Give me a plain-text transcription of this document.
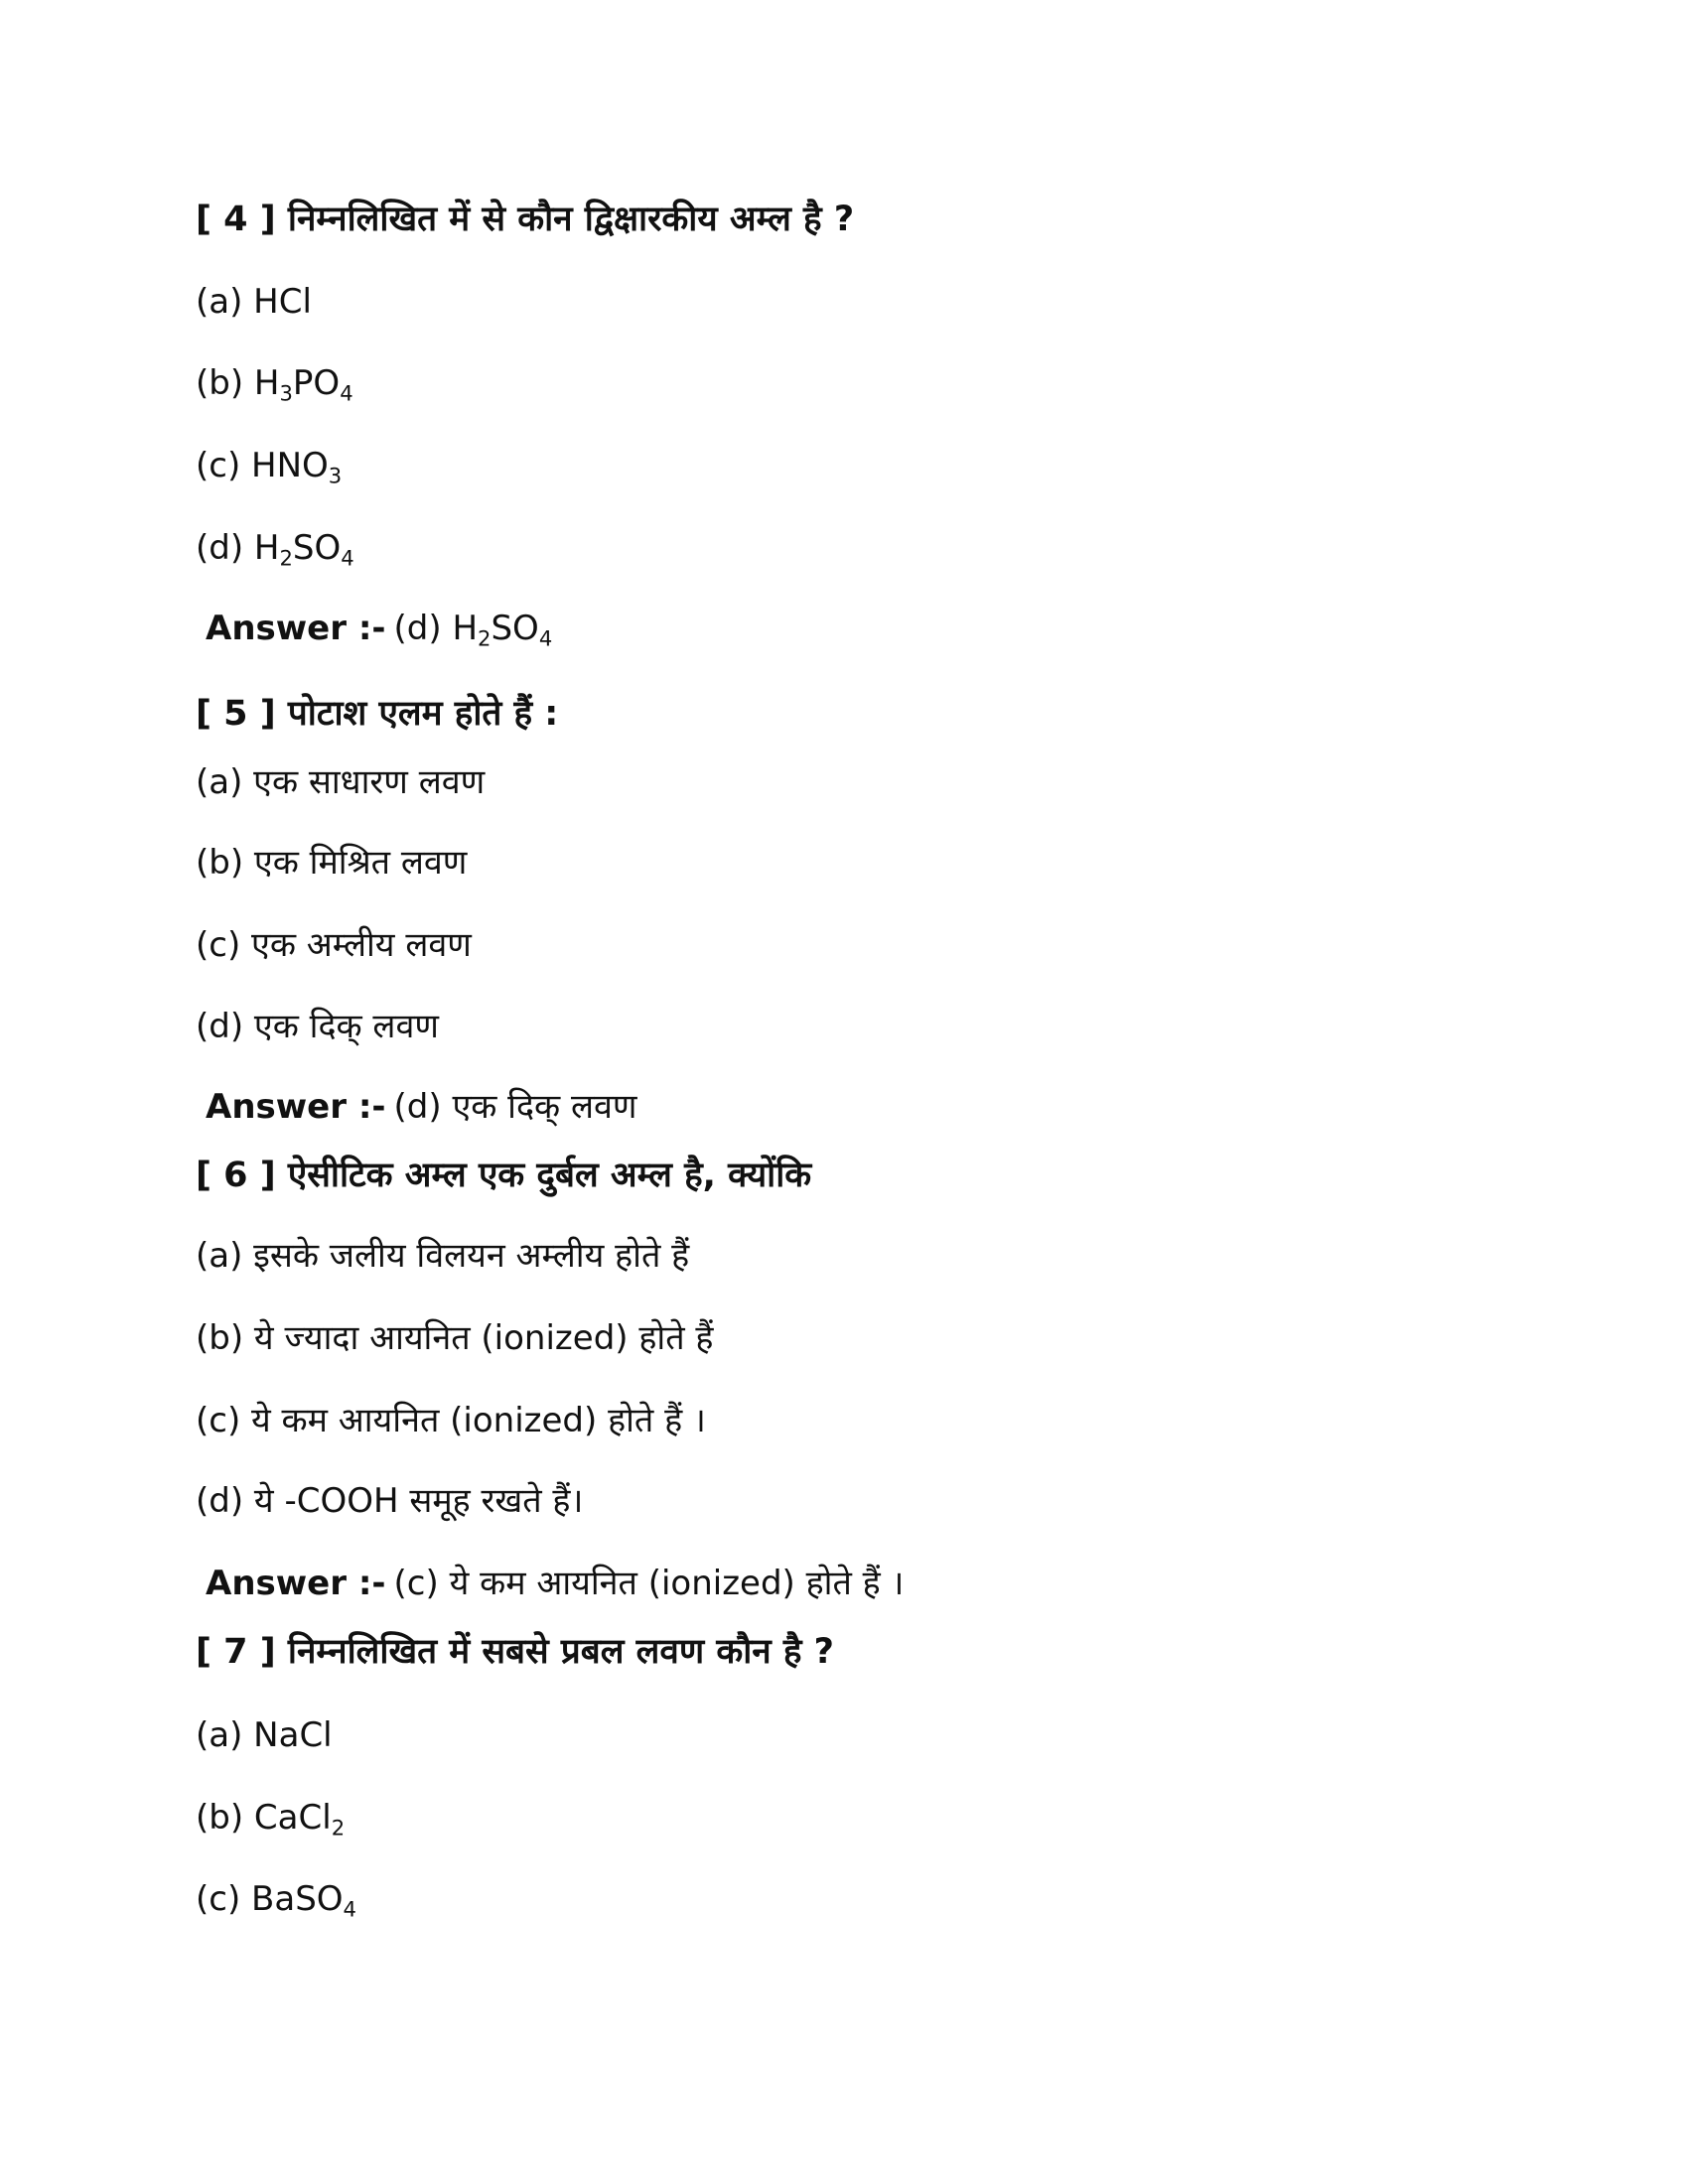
[ 4 ] निम्नलिखित में से कौन द्विक्षारकीय अम्ल है ?
(a) HCl
(b) $H_3PO_4$
(c) $HNO_3$
(d) $H_2SO_4$
Answer :- (d) $H_2SO_4$
[ 5 ] पोटाश एलम होते हैं :
(a) एक साधारण लवण
(b) एक मिश्रित लवण
(c) एक अम्लीय लवण
(d) एक दिक् लवण
Answer :- (d) एक दिक् लवण
[ 6 ] ऐसीटिक अम्ल एक दुर्बल अम्ल है, क्योंकि
(a) इसके जलीय विलयन अम्लीय होते हैं
(b) ये ज्यादा आयनित (ionized) होते हैं
(c) ये कम आयनित (ionized) होते हैं ।
(d) ये -COOH समूह रखते हैं।
Answer :- (c) ये कम आयनित (ionized) होते हैं ।
[ 7 ] निम्नलिखित में सबसे प्रबल लवण कौन है ?
(a) NaCl
(b) CaCl$_2$
(c) BaSO$_4$
